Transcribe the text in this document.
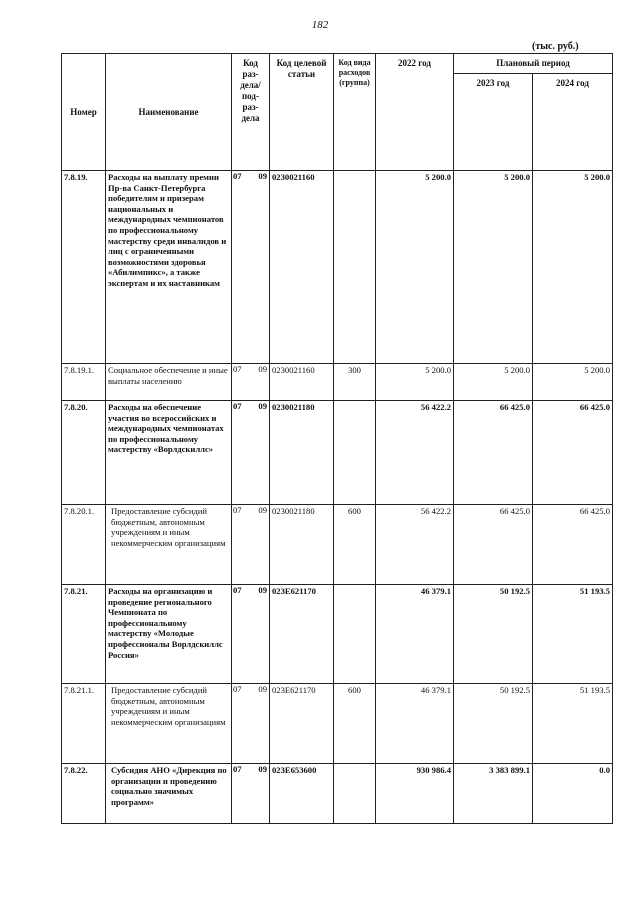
182
(тыс. руб.)
Номер	Наименование	Код раз-дела/ под-раз-дела	Код целевой статьи	Код вида расходов (группа)	2022 год	Плановый период	
						2023 год	2024 год
7.8.19.	Расходы на выплату премии Пр-ва Санкт-Петербурга победителям и призерам национальных и международных чемпионатов по профессиональному мастерству среди инвалидов и лиц с ограниченными возможностями здоровья «Абилимпикс», а также экспертам и их наставникам	07 09	0230021160		5 200.0	5 200.0	5 200.0
7.8.19.1.	Социальное обеспечение и иные выплаты населению	07 09	0230021160	300	5 200.0	5 200.0	5 200.0
7.8.20.	Расходы на обеспечение участия во всероссийских и международных чемпионатах по профессиональному мастерству «Ворлдскиллс»	07 09	0230021180		56 422.2	66 425.0	66 425.0
7.8.20.1.	Предоставление субсидий бюджетным, автономным учреждениям и иным некоммерческим организациям	07 09	0230021180	600	56 422.2	66 425.0	66 425.0
7.8.21.	Расходы на организацию и проведение регионального Чемпионата по профессиональному мастерству «Молодые профессионалы Ворлдскиллс Россия»	07 09	023E621170		46 379.1	50 192.5	51 193.5
7.8.21.1.	Предоставление субсидий бюджетным, автономным учреждениям и иным некоммерческим организациям	07 09	023E621170	600	46 379.1	50 192.5	51 193.5
7.8.22.	Субсидия АНО «Дирекция по организации и проведению социально значимых программ»	07 09	023E653600		930 986.4	3 383 899.1	0.0
